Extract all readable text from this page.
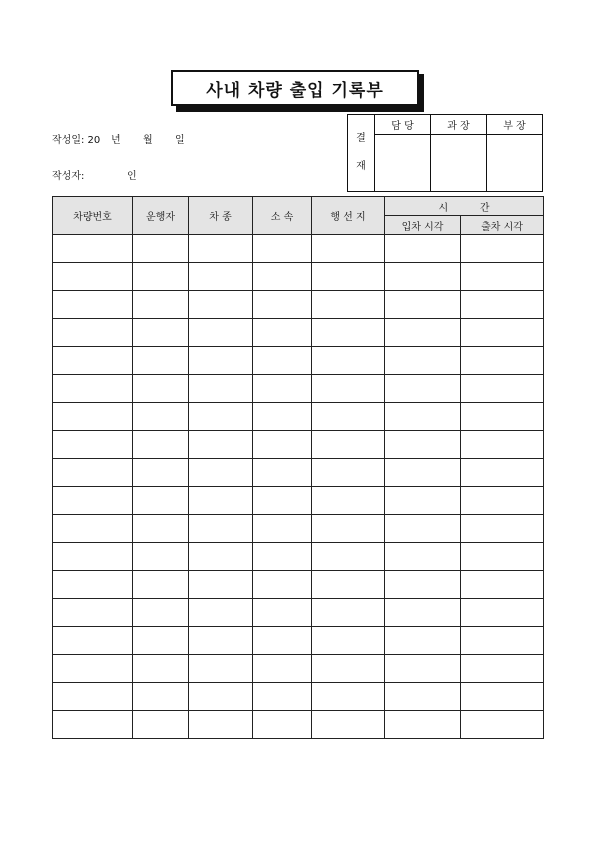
사내 차량 출입 기록부
작성일: 20 년 월 일
작성자:	인
결
재	담 당	과 장	부 장

차량번호	운행자	차 종	소 속	행 선 지	시          간	
					입차 시각	출차 시각
